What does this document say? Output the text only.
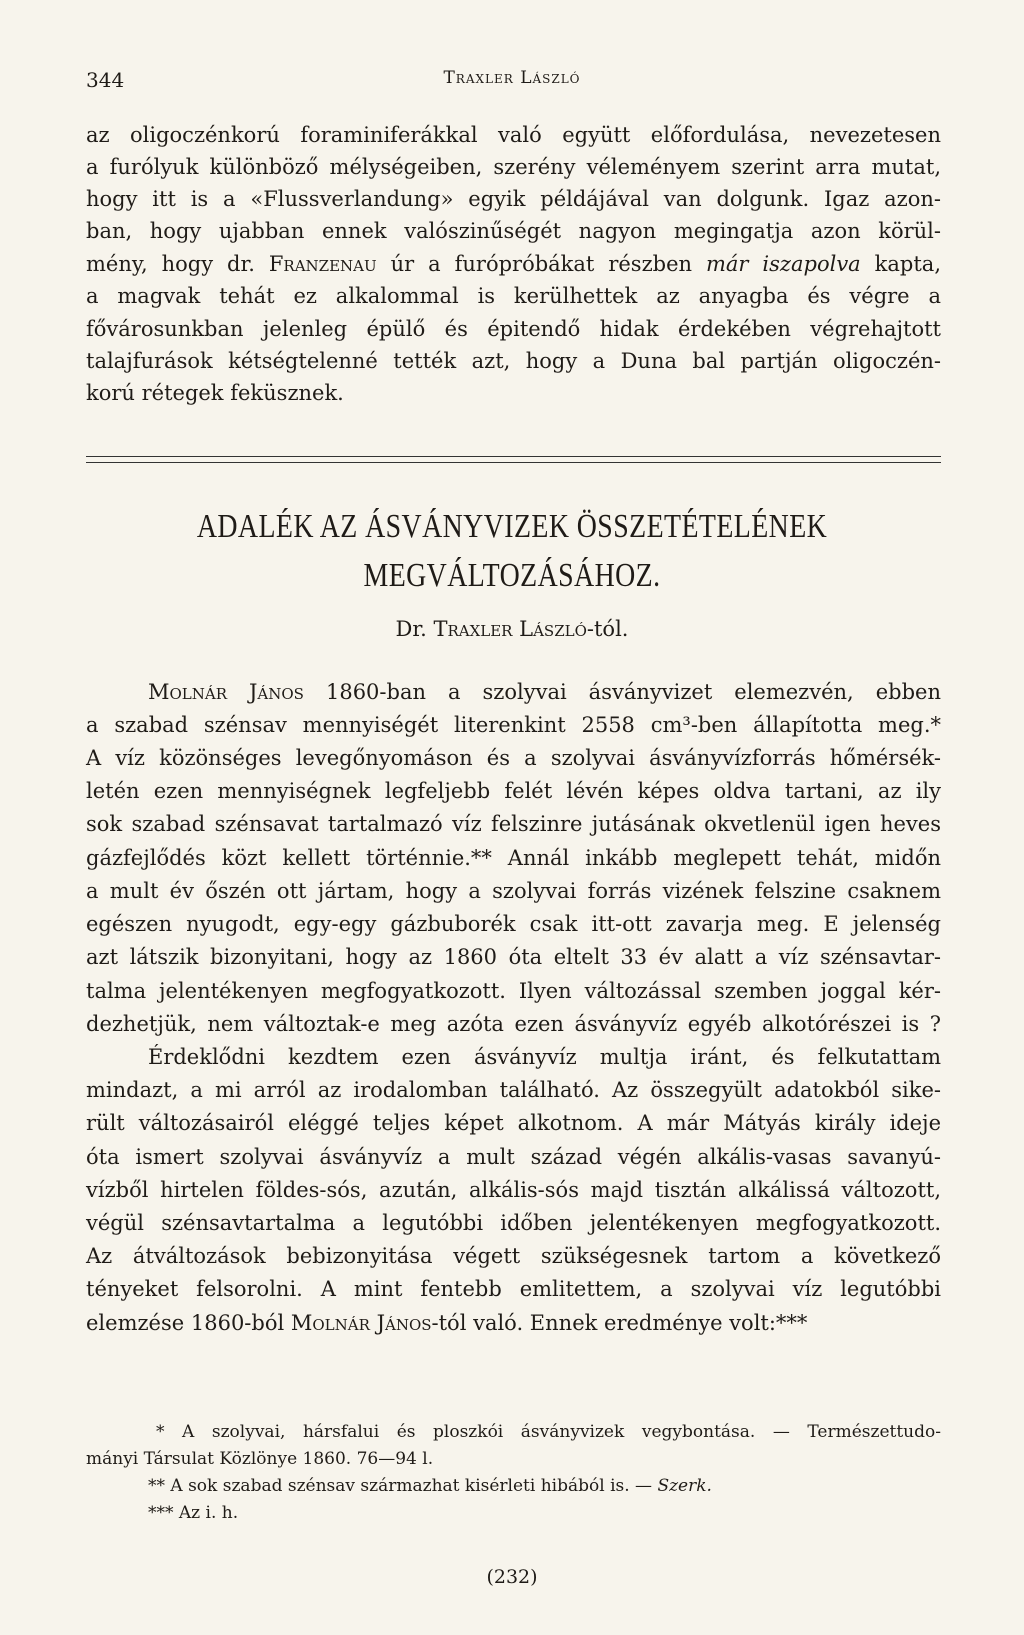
344	Traxler László
az oligoczénkorú foraminiferákkal való együtt előfordulása, nevezetesen
a furólyuk különböző mélységeiben, szerény véleményem szerint arra mutat,
hogy itt is a «Flussverlandung» egyik példájával van dolgunk. Igaz azon-
ban, hogy ujabban ennek valószinűségét nagyon megingatja azon körül-
mény, hogy dr. Franzenau úr a furópróbákat részben már iszapolva kapta,
a magvak tehát ez alkalommal is kerülhettek az anyagba és végre a
fővárosunkban jelenleg épülő és épitendő hidak érdekében végrehajtott
talajfurások kétségtelenné tették azt, hogy a Duna bal partján oligoczén-
korú rétegek feküsznek.
ADALÉK AZ ÁSVÁNYVIZEK ÖSSZETÉTELÉNEK
MEGVÁLTOZÁSÁHOZ.
Dr. Traxler László-tól.
Molnár János 1860-ban a szolyvai ásványvizet elemezvén, ebben
a szabad szénsav mennyiségét literenkint 2558 cm³-ben állapította meg.*
A víz közönséges levegőnyomáson és a szolyvai ásványvízforrás hőmérsék-
letén ezen mennyiségnek legfeljebb felét lévén képes oldva tartani, az ily
sok szabad szénsavat tartalmazó víz felszinre jutásának okvetlenül igen heves
gázfejlődés közt kellett történnie.** Annál inkább meglepett tehát, midőn
a mult év őszén ott jártam, hogy a szolyvai forrás vizének felszine csaknem
egészen nyugodt, egy-egy gázbuborék csak itt-ott zavarja meg. E jelenség
azt látszik bizonyitani, hogy az 1860 óta eltelt 33 év alatt a víz szénsavtar-
talma jelentékenyen megfogyatkozott. Ilyen változással szemben joggal kér-
dezhetjük, nem változtak-e meg azóta ezen ásványvíz egyéb alkotórészei is ?
Érdeklődni kezdtem ezen ásványvíz multja iránt, és felkutattam
mindazt, a mi arról az irodalomban található. Az összegyült adatokból sike-
rült változásairól eléggé teljes képet alkotnom. A már Mátyás király ideje
óta ismert szolyvai ásványvíz a mult század végén alkális-vasas savanyú-
vízből hirtelen földes-sós, azután, alkális-sós majd tisztán alkálissá változott,
végül szénsavtartalma a legutóbbi időben jelentékenyen megfogyatkozott.
Az átváltozások bebizonyitása végett szükségesnek tartom a következő
tényeket felsorolni. A mint fentebb emlitettem, a szolyvai víz legutóbbi
elemzése 1860-ból Molnár János-tól való. Ennek eredménye volt:***
* A szolyvai, hársfalui és ploszkói ásványvizek vegybontása. — Természettudo-
mányi Társulat Közlönye 1860. 76—94 l.
** A sok szabad szénsav származhat kisérleti hibából is. — Szerk.
*** Az i. h.
(232)
